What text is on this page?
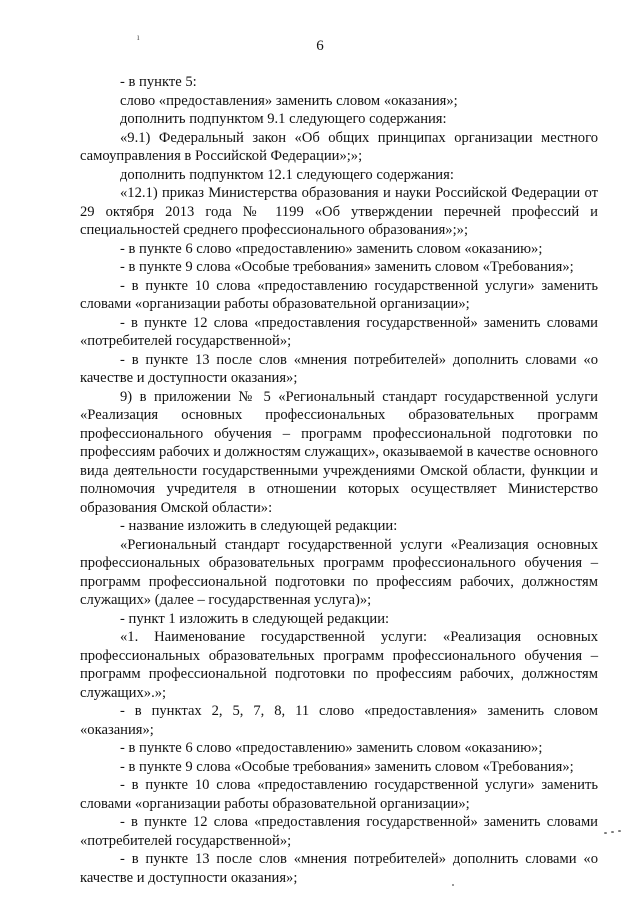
ı
6

- в пункте 5:

слово «предоставления» заменить словом «оказания»;

дополнить подпунктом 9.1 следующего содержания:

«9.1) Федеральный закон «Об общих принципах организации местного самоуправления в Российской Федерации»;»;

дополнить подпунктом 12.1 следующего содержания:

«12.1) приказ Министерства образования и науки Российской Федерации от 29 октября 2013 года № 1199 «Об утверждении перечней профессий и специальностей среднего профессионального образования»;»;

- в пункте 6 слово «предоставлению» заменить словом «оказанию»;

- в пункте 9 слова «Особые требования» заменить словом «Требования»;

- в пункте 10 слова «предоставлению государственной услуги» заменить словами «организации работы образовательной организации»;

- в пункте 12 слова «предоставления государственной» заменить словами «потребителей государственной»;

- в пункте 13 после слов «мнения потребителей» дополнить словами «о качестве и доступности оказания»;

9) в приложении № 5 «Региональный стандарт государственной услуги «Реализация основных профессиональных образовательных программ профессионального обучения – программ профессиональной подготовки по профессиям рабочих и должностям служащих», оказываемой в качестве основного вида деятельности государственными учреждениями Омской области, функции и полномочия учредителя в отношении которых осуществляет Министерство образования Омской области»:

- название изложить в следующей редакции:

«Региональный стандарт государственной услуги «Реализация основных профессиональных образовательных программ профессионального обучения – программ профессиональной подготовки по профессиям рабочих, должностям служащих» (далее – государственная услуга)»;

- пункт 1 изложить в следующей редакции:

«1. Наименование государственной услуги: «Реализация основных профессиональных образовательных программ профессионального обучения – программ профессиональной подготовки по профессиям рабочих, должностям служащих».»;

- в пунктах 2, 5, 7, 8, 11 слово «предоставления» заменить словом «оказания»;

- в пункте 6 слово «предоставлению» заменить словом «оказанию»;

- в пункте 9 слова «Особые требования» заменить словом «Требования»;

- в пункте 10 слова «предоставлению государственной услуги» заменить словами «организации работы образовательной организации»;

- в пункте 12 слова «предоставления государственной» заменить словами «потребителей государственной»;

- в пункте 13 после слов «мнения потребителей» дополнить словами «о качестве и доступности оказания»;
